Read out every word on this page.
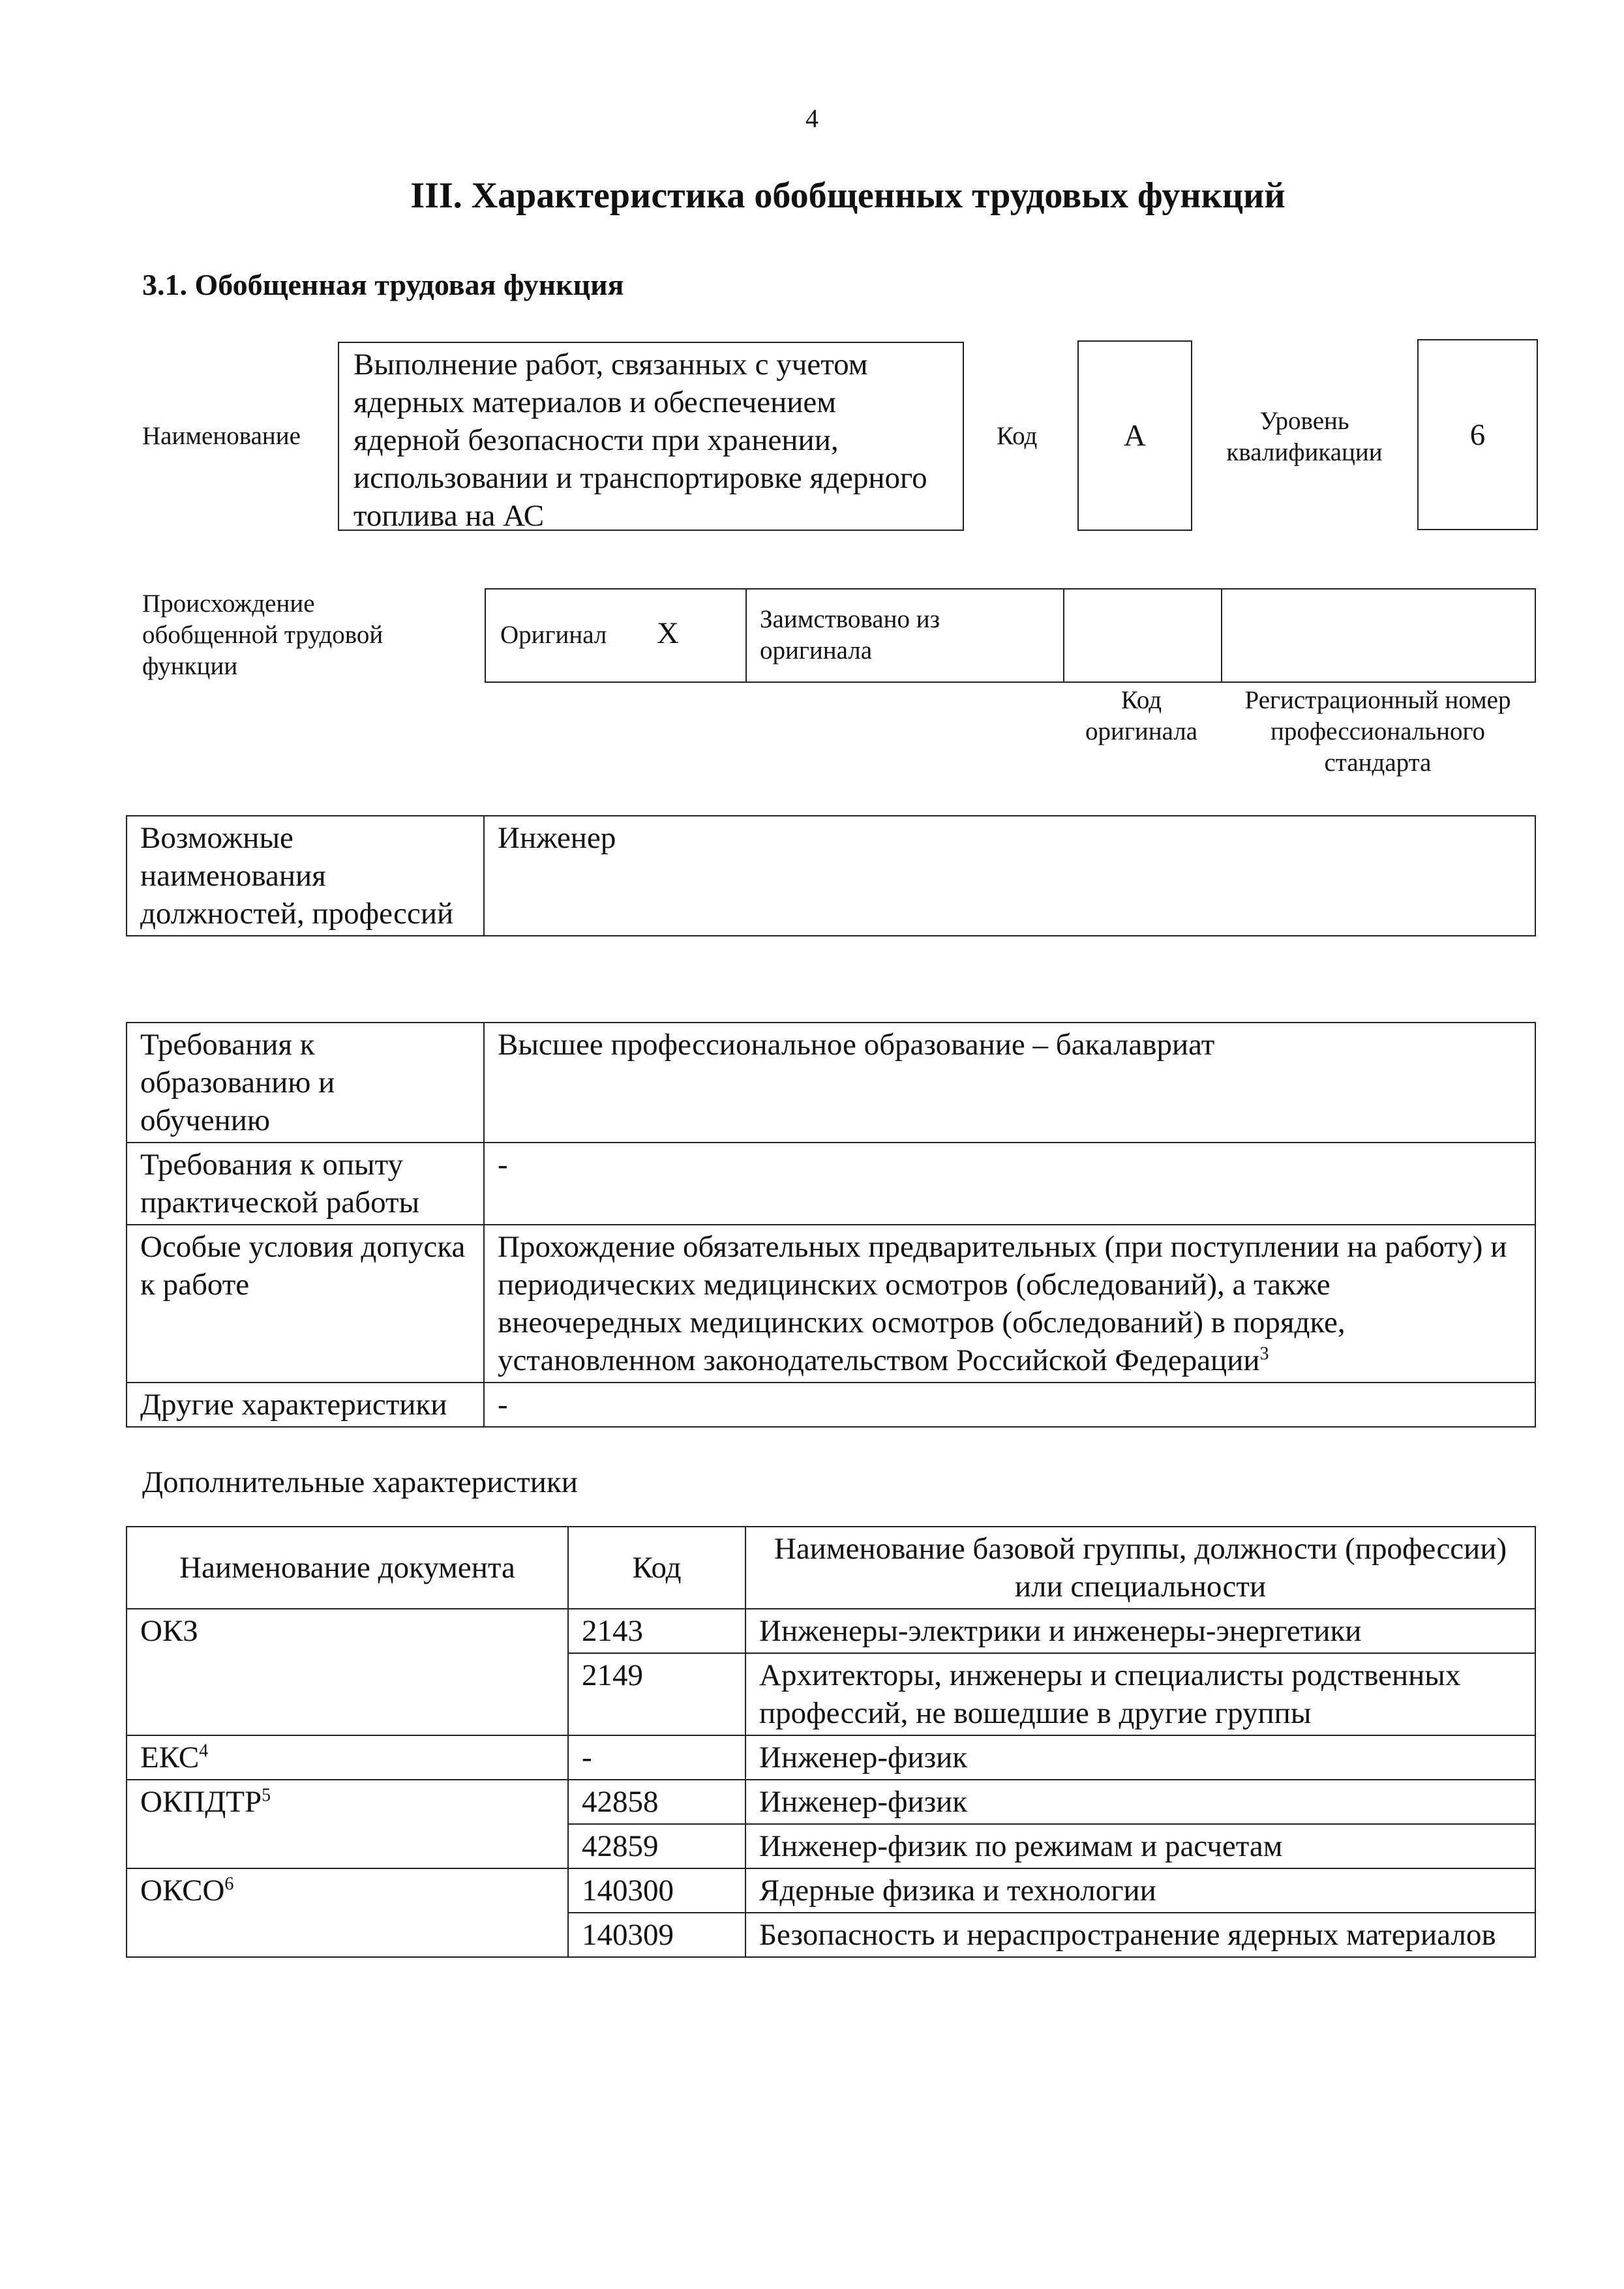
4
III. Характеристика обобщенных трудовых функций
3.1. Обобщенная трудовая функция
Наименование
Выполнение работ, связанных с учетом ядерных материалов и обеспечением ядерной безопасности при хранении, использовании и транспортировке ядерного топлива на АС
Код	A	Уровень квалификации
6
Происхождение обобщенной трудовой функции
Оригинал X	Заимствовано из оригинала
Код оригинала
Регистрационный номер профессионального стандарта
Возможные наименования должностей, профессий	Инженер
Требования к образованию и обучению	Высшее профессиональное образование – бакалавриат
Требования к опыту практической работы	-
Особые условия допуска к работе	Прохождение обязательных предварительных (при поступлении на работу) и периодических медицинских осмотров (обследований), а также внеочередных медицинских осмотров (обследований) в порядке, установленном законодательством Российской Федерации$^3$
Другие характеристики	-
Дополнительные характеристики
Наименование документа	Код	Наименование базовой группы, должности (профессии) или специальности
ОКЗ	2143	Инженеры-электрики и инженеры-энергетики
	2149	Архитекторы, инженеры и специалисты родственных профессий, не вошедшие в другие группы
ЕКС$^4$	-	Инженер-физик
ОКПДТР$^5$	42858	Инженер-физик
	42859	Инженер-физик по режимам и расчетам
ОКСО$^6$	140300	Ядерные физика и технологии
	140309	Безопасность и нераспространение ядерных материалов
